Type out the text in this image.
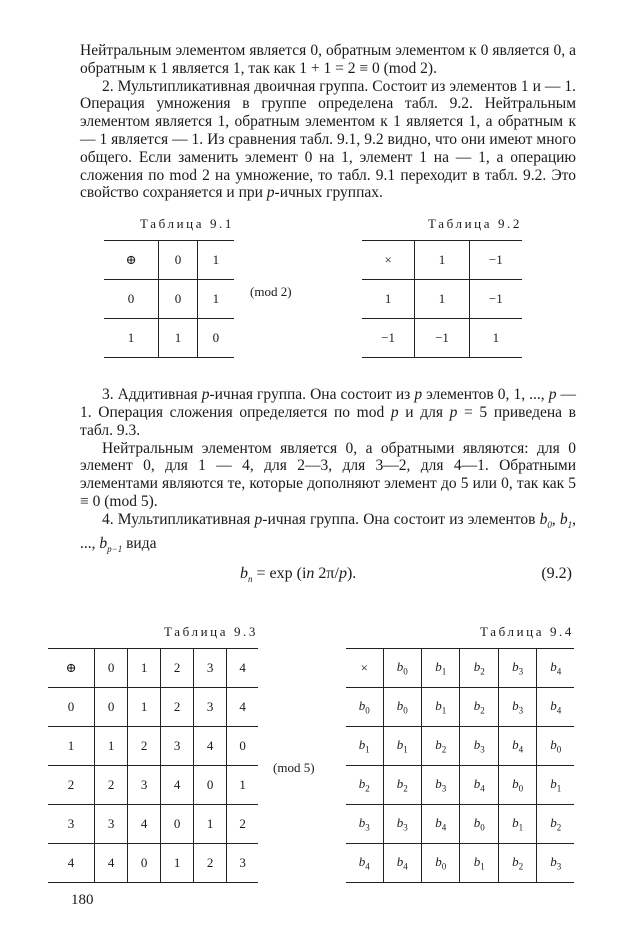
Нейтральным элементом является 0, обратным элементом к 0 является 0, а обратным к 1 является 1, так как 1 + 1 = 2 ≡ 0 (mod 2).

2. Мультипликативная двоичная группа. Состоит из элементов 1 и — 1. Операция умножения в группе определена табл. 9.2. Нейтральным элементом является 1, обратным элементом к 1 является 1, а обратным к — 1 является — 1. Из сравнения табл. 9.1, 9.2 видно, что они имеют много общего. Если заменить элемент 0 на 1, элемент 1 на — 1, а операцию сложения по mod 2 на умножение, то табл. 9.1 переходит в табл. 9.2. Это свойство сохраняется и при p-ичных группах.

Таблица 9.1
⊕	0	1
0	0	1
1	1	0
(mod 2)
Таблица 9.2
×	1	−1
1	1	−1
−1	−1	1

3. Аддитивная p-ичная группа. Она состоит из p элементов 0, 1, ..., p — 1. Операция сложения определяется по mod p и для p = 5 приведена в табл. 9.3.

Нейтральным элементом является 0, а обратными являются: для 0 элемент 0, для 1 — 4, для 2—3, для 3—2, для 4—1. Обратными элементами являются те, которые дополняют элемент до 5 или 0, так как 5 ≡ 0 (mod 5).

4. Мультипликативная p-ичная группа. Она состоит из элементов $b_0$, $b_1$, ..., $b_{p-1}$ вида

$b_n = \exp (in$ 2π/p).	(9.2)
Таблица 9.3
⊕	0	1	2	3	4
0	0	1	2	3	4
1	1	2	3	4	0
2	2	3	4	0	1
3	3	4	0	1	2
4	4	0	1	2	3
(mod 5)
Таблица 9.4
×	$b_0$	$b_1$	$b_2$	$b_3$	$b_4$
$b_0$	$b_0$	$b_1$	$b_2$	$b_3$	$b_4$
$b_1$	$b_1$	$b_2$	$b_3$	$b_4$	$b_0$
$b_2$	$b_2$	$b_3$	$b_4$	$b_0$	$b_1$
$b_3$	$b_3$	$b_4$	$b_0$	$b_1$	$b_2$
$b_4$	$b_4$	$b_0$	$b_1$	$b_2$	$b_3$
180
